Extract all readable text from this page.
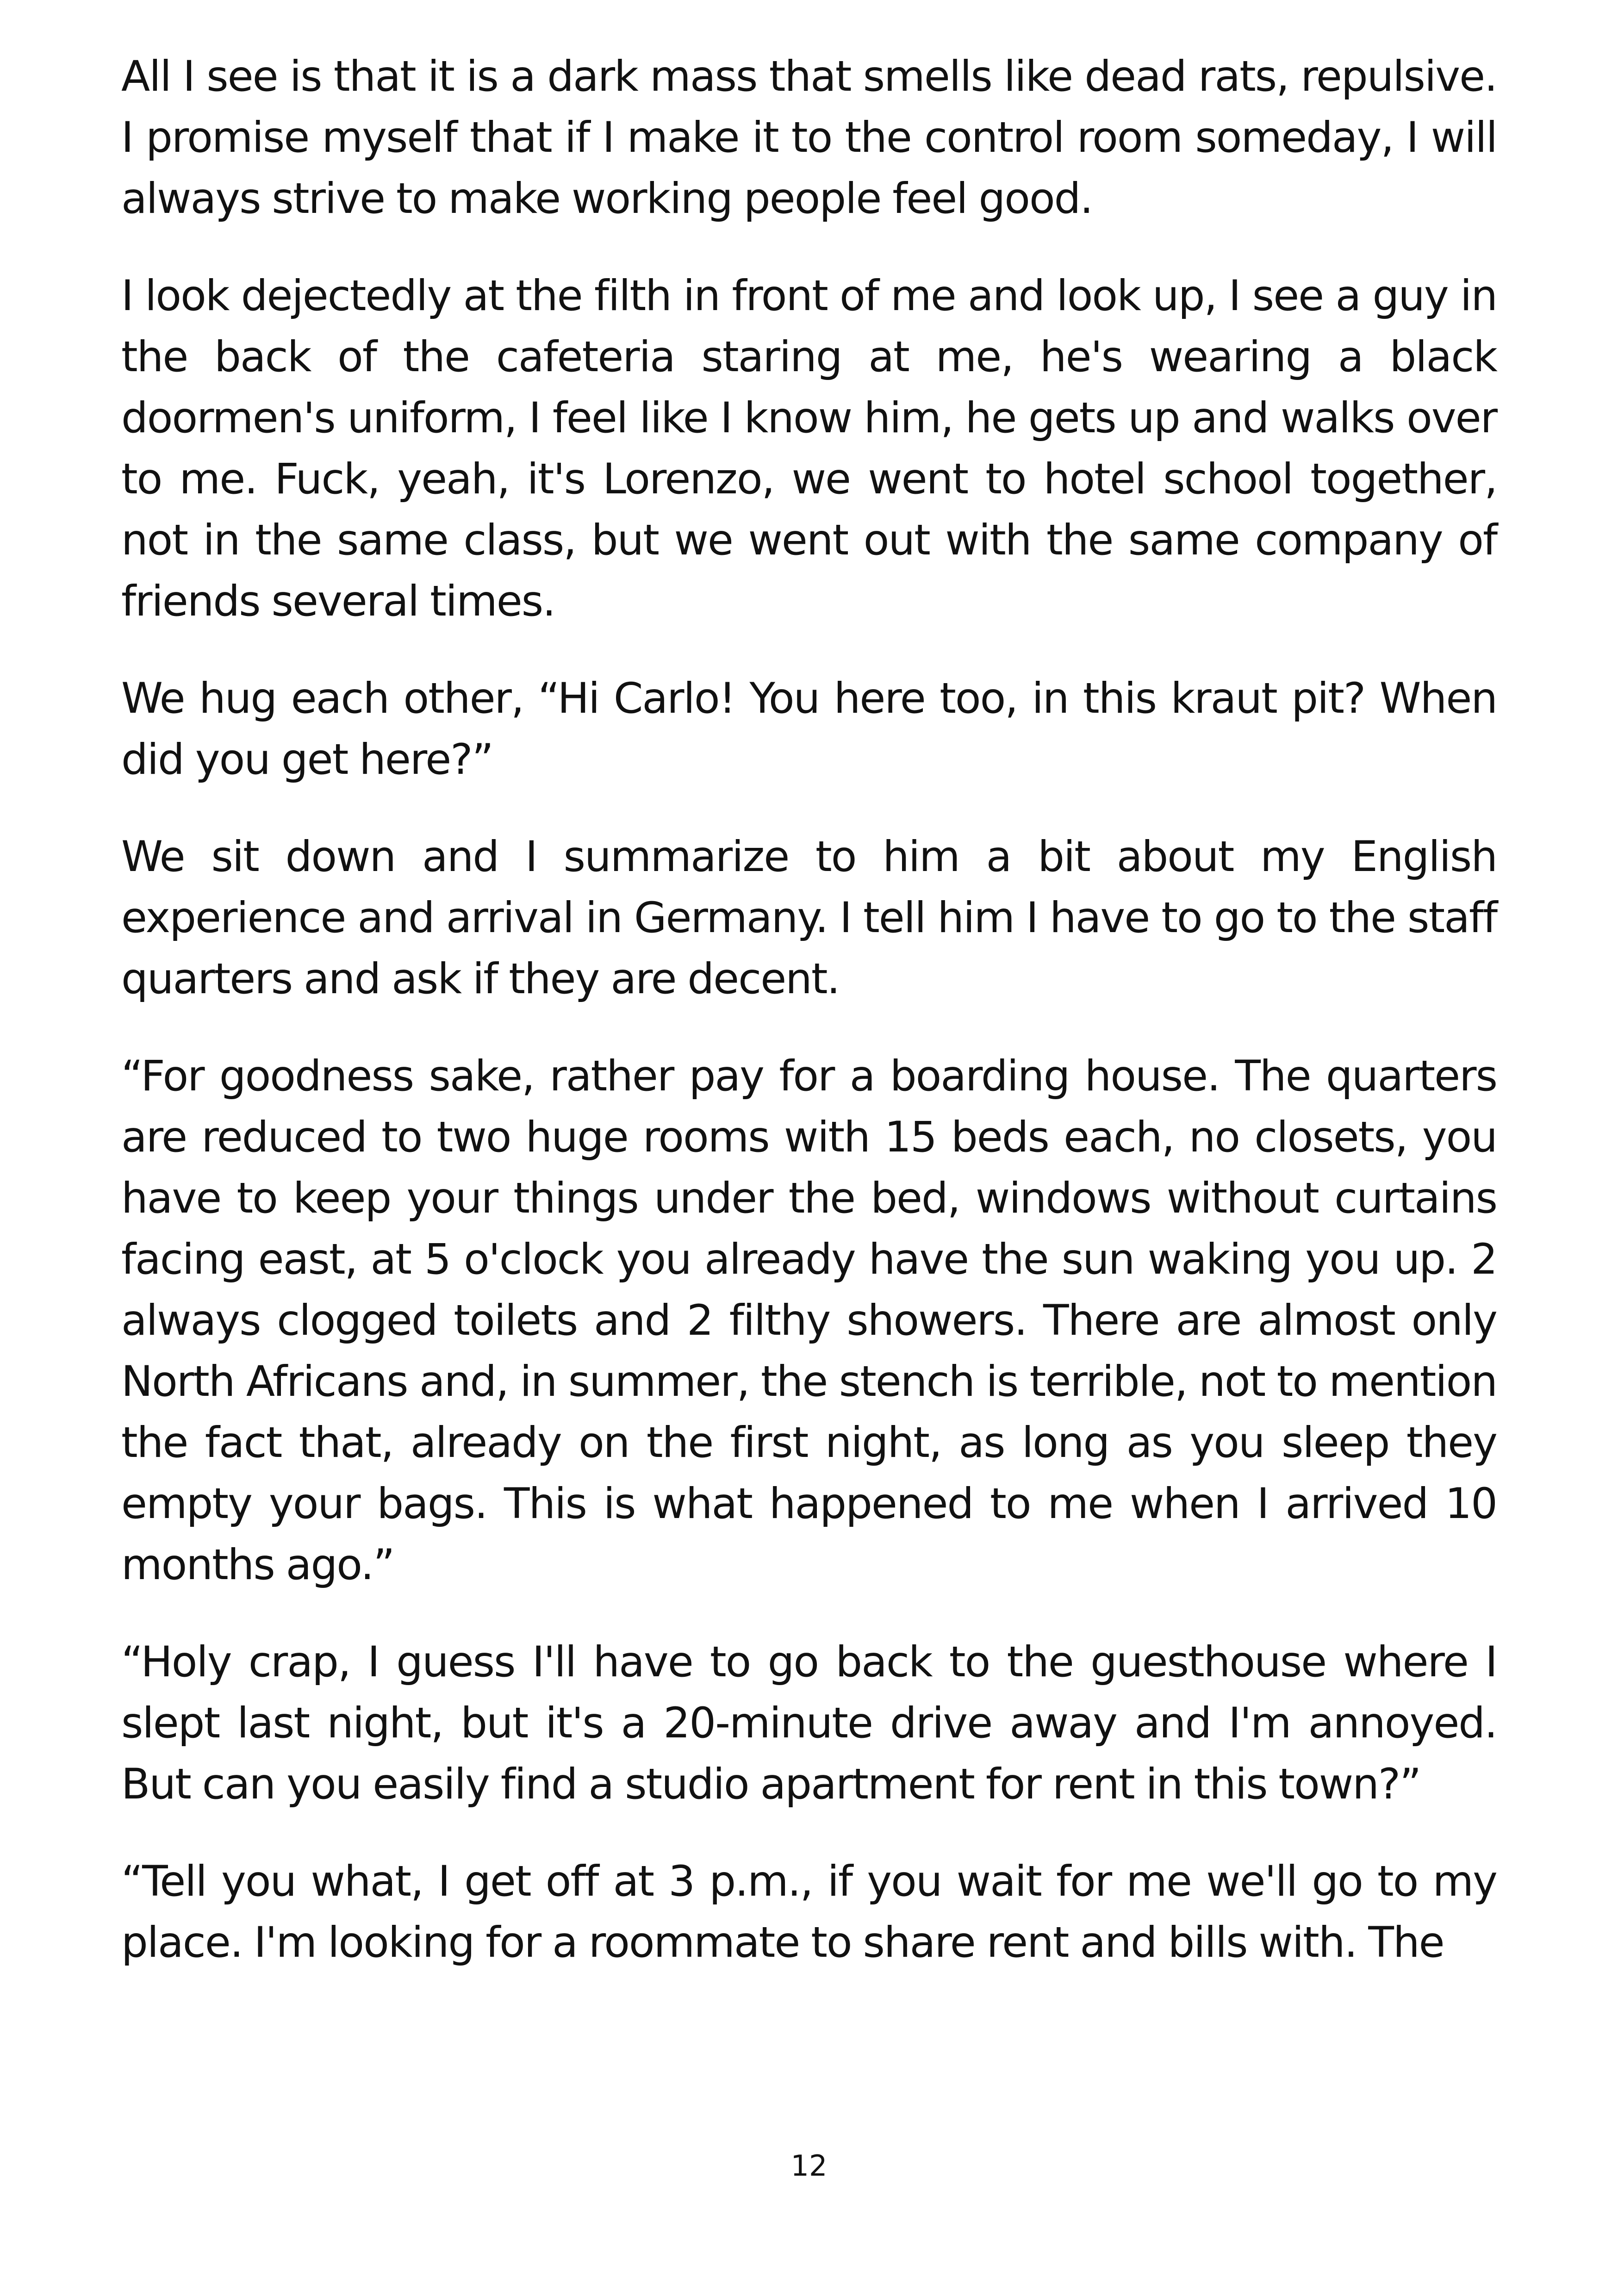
All I see is that it is a dark mass that smells like dead rats, repulsive. I promise myself that if I make it to the control room someday, I will always strive to make working people feel good.

I look dejectedly at the filth in front of me and look up, I see a guy in the back of the cafeteria staring at me, he's wearing a black doormen's uniform, I feel like I know him, he gets up and walks over to me. Fuck, yeah, it's Lorenzo, we went to hotel school together, not in the same class, but we went out with the same company of friends several times.

We hug each other, “Hi Carlo! You here too, in this kraut pit? When did you get here?”

We sit down and I summarize to him a bit about my English experience and arrival in Germany. I tell him I have to go to the staff quarters and ask if they are decent.

“For goodness sake, rather pay for a boarding house. The quarters are reduced to two huge rooms with 15 beds each, no closets, you have to keep your things under the bed, windows without curtains facing east, at 5 o'clock you already have the sun waking you up. 2 always clogged toilets and 2 filthy showers. There are almost only North Africans and, in summer, the stench is terrible, not to mention the fact that, already on the first night, as long as you sleep they empty your bags. This is what happened to me when I arrived 10 months ago.”

“Holy crap, I guess I'll have to go back to the guesthouse where I slept last night, but it's a 20-minute drive away and I'm annoyed. But can you easily find a studio apartment for rent in this town?”

“Tell you what, I get off at 3 p.m., if you wait for me we'll go to my place. I'm looking for a roommate to share rent and bills with. The

12
